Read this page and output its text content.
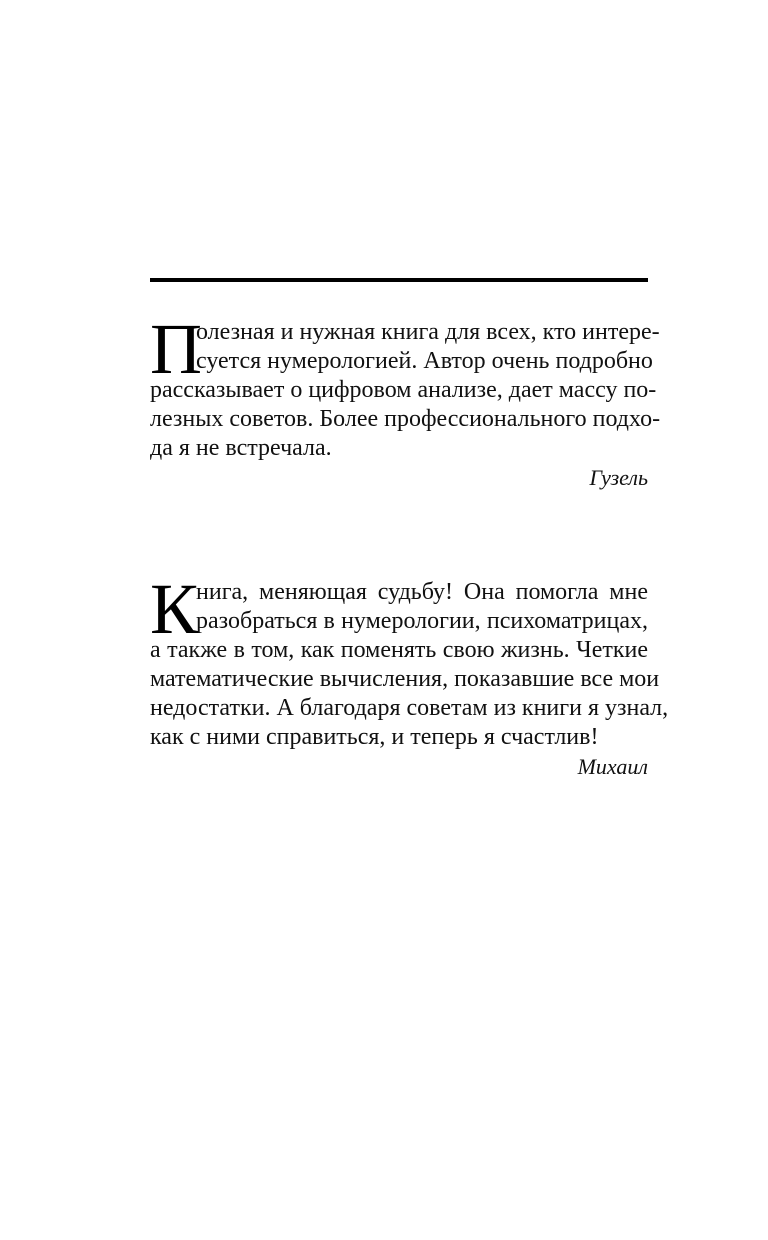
П
олезная и нужная книга для всех, кто интере-
суется нумерологией. Автор очень подробно
рассказывает о цифровом анализе, дает массу по-
лезных советов. Более профессионального подхо-
да я не встречала.
Гузель
К
нига, меняющая судьбу! Она помогла мне
разобраться в нумерологии, психоматрицах,
а также в том, как поменять свою жизнь. Четкие
математические вычисления, показавшие все мои
недостатки. А благодаря советам из книги я узнал,
как с ними справиться, и теперь я счастлив!
Михаил
